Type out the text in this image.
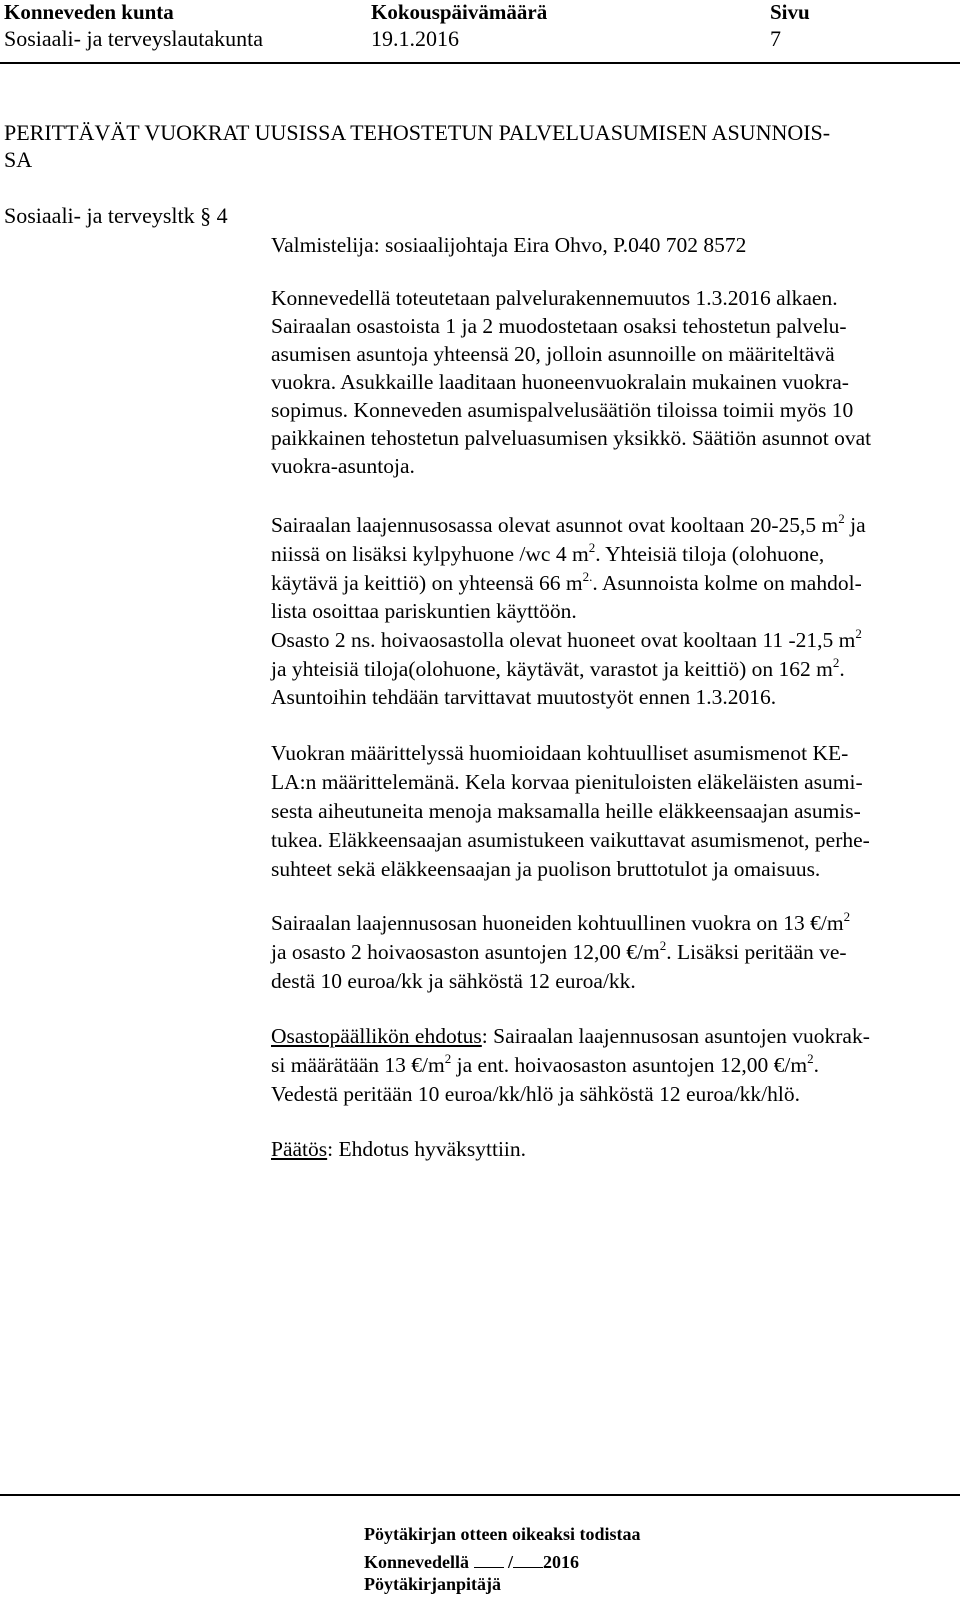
Konneveden kunta
Sosiaali- ja terveyslautakunta
Kokouspäivämäärä
19.1.2016
Sivu
7
PERITTÄVÄT VUOKRAT UUSISSA TEHOSTETUN PALVELUASUMISEN ASUNNOIS-
SA
Sosiaali- ja terveysltk § 4
Valmistelija: sosiaalijohtaja Eira Ohvo, P.040 702 8572
Konnevedellä toteutetaan palvelurakennemuutos 1.3.2016 alkaen.
Sairaalan osastoista 1 ja 2 muodostetaan osaksi tehostetun palvelu-
asumisen asuntoja yhteensä 20, jolloin asunnoille on määriteltävä
vuokra. Asukkaille laaditaan huoneenvuokralain mukainen vuokra-
sopimus. Konneveden asumispalvelusäätiön tiloissa toimii myös 10
paikkainen tehostetun palveluasumisen yksikkö. Säätiön asunnot ovat
vuokra-asuntoja.
Sairaalan laajennusosassa olevat asunnot ovat kooltaan 20-25,5 $m^2$ ja
niissä on lisäksi kylpyhuone /wc 4 $m^2$. Yhteisiä tiloja (olohuone,
käytävä ja keittiö) on yhteensä 66 $m^{2.}$. Asunnoista kolme on mahdol-
lista osoittaa pariskuntien käyttöön.
Osasto 2 ns. hoivaosastolla olevat huoneet ovat kooltaan 11 -21,5 $m^2$
ja yhteisiä tiloja(olohuone, käytävät, varastot ja keittiö) on 162 $m^2$.
Asuntoihin tehdään tarvittavat muutostyöt ennen 1.3.2016.
Vuokran määrittelyssä huomioidaan kohtuulliset asumismenot KE-
LA:n määrittelemänä. Kela korvaa pienituloisten eläkeläisten asumi-
sesta aiheutuneita menoja maksamalla heille eläkkeensaajan asumis-
tukea. Eläkkeensaajan asumistukeen vaikuttavat asumismenot, perhe-
suhteet sekä eläkkeensaajan ja puolison bruttotulot ja omaisuus.
Sairaalan laajennusosan huoneiden kohtuullinen vuokra on 13 $€/m^2$
ja osasto 2 hoivaosaston asuntojen 12,00 $€/m^2$. Lisäksi peritään ve-
destä 10 euroa/kk ja sähköstä 12 euroa/kk.
Osastopäällikön ehdotus: Sairaalan laajennusosan asuntojen vuokrak-
si määrätään 13 $€/m^2$ ja ent. hoivaosaston asuntojen 12,00 $€/m^2$.
Vedestä peritään 10 euroa/kk/hlö ja sähköstä 12 euroa/kk/hlö.
Päätös: Ehdotus hyväksyttiin.
Pöytäkirjan otteen oikeaksi todistaa
Konnevedellä  / 2016
Pöytäkirjanpitäjä
